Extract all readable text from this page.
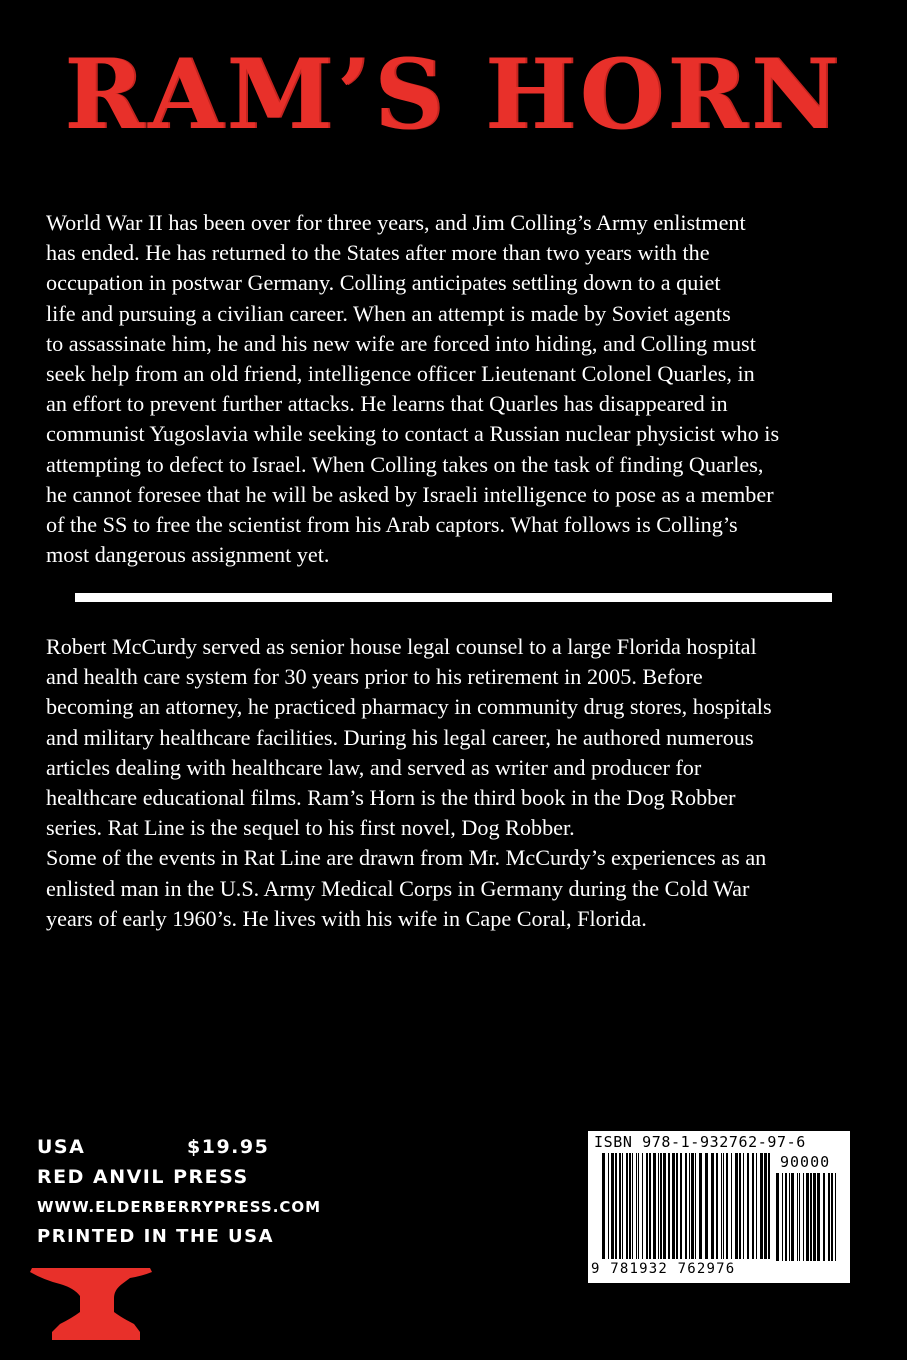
RAM’S HORN
World War II has been over for three years, and Jim Colling’s Army enlistment
has ended. He has returned to the States after more than two years with the
occupation in postwar Germany. Colling anticipates settling down to a quiet
life and pursuing a civilian career. When an attempt is made by Soviet agents
to assassinate him, he and his new wife are forced into hiding, and Colling must
seek help from an old friend, intelligence officer Lieutenant Colonel Quarles, in
an effort to prevent further attacks. He learns that Quarles has disappeared in
communist Yugoslavia while seeking to contact a Russian nuclear physicist who is
attempting to defect to Israel. When Colling takes on the task of finding Quarles,
he cannot foresee that he will be asked by Israeli intelligence to pose as a member
of the SS to free the scientist from his Arab captors. What follows is Colling’s
most dangerous assignment yet.
Robert McCurdy served as senior house legal counsel to a large Florida hospital
and health care system for 30 years prior to his retirement in 2005. Before
becoming an attorney, he practiced pharmacy in community drug stores, hospitals
and military healthcare facilities. During his legal career, he authored numerous
articles dealing with healthcare law, and served as writer and producer for
healthcare educational films. Ram’s Horn is the third book in the Dog Robber
series. Rat Line is the sequel to his first novel, Dog Robber.
Some of the events in Rat Line are drawn from Mr. McCurdy’s experiences as an
enlisted man in the U.S. Army Medical Corps in Germany during the Cold War
years of early 1960’s. He lives with his wife in Cape Coral, Florida.
USA	$19.95
RED ANVIL PRESS
WWW.ELDERBERRYPRESS.COM
PRINTED IN THE USA
ISBN 978-1-932762-97-6
90000
9 781932 762976
